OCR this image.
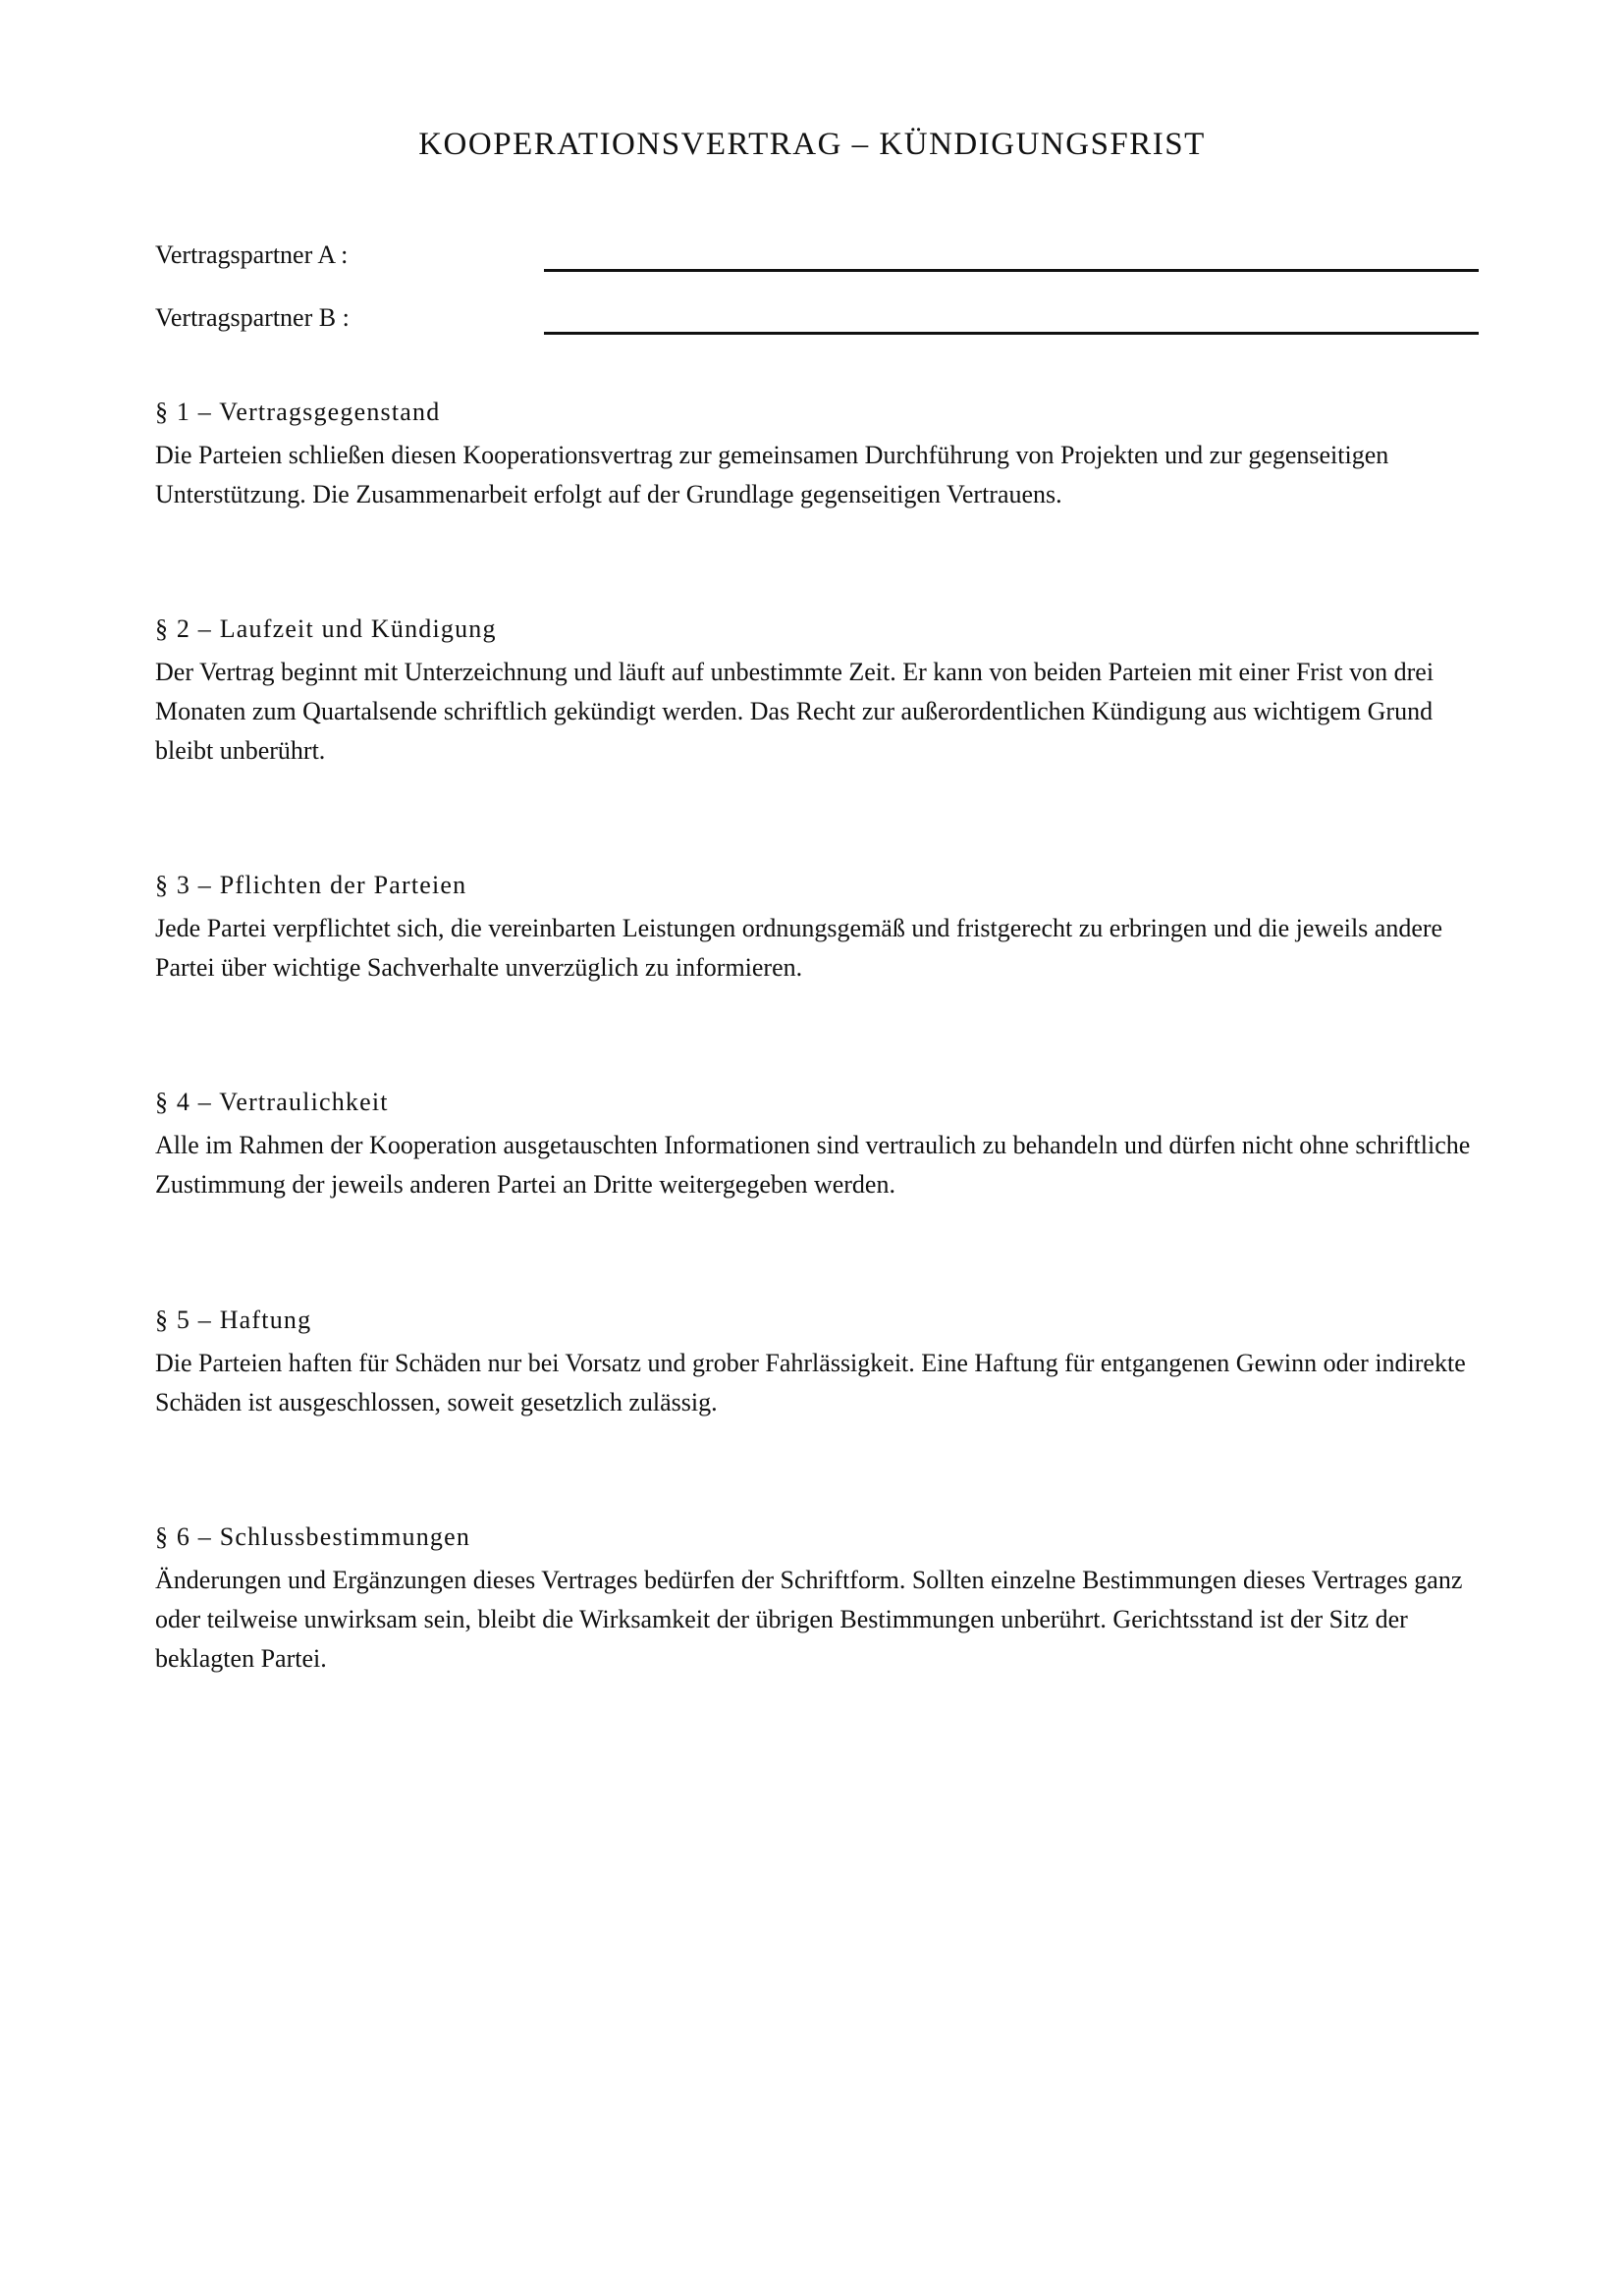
KOOPERATIONSVERTRAG – KÜNDIGUNGSFRIST
Vertragspartner A :
Vertragspartner B :
§ 1 – Vertragsgegenstand

Die Parteien schließen diesen Kooperationsvertrag zur gemeinsamen Durchführung von Projekten und zur gegenseitigen Unterstützung. Die Zusammenarbeit erfolgt auf der Grundlage gegenseitigen Vertrauens.

§ 2 – Laufzeit und Kündigung

Der Vertrag beginnt mit Unterzeichnung und läuft auf unbestimmte Zeit. Er kann von beiden Parteien mit einer Frist von drei Monaten zum Quartalsende schriftlich gekündigt werden. Das Recht zur außerordentlichen Kündigung aus wichtigem Grund bleibt unberührt.

§ 3 – Pflichten der Parteien

Jede Partei verpflichtet sich, die vereinbarten Leistungen ordnungsgemäß und fristgerecht zu erbringen und die jeweils andere Partei über wichtige Sachverhalte unverzüglich zu informieren.

§ 4 – Vertraulichkeit

Alle im Rahmen der Kooperation ausgetauschten Informationen sind vertraulich zu behandeln und dürfen nicht ohne schriftliche Zustimmung der jeweils anderen Partei an Dritte weitergegeben werden.

§ 5 – Haftung

Die Parteien haften für Schäden nur bei Vorsatz und grober Fahrlässigkeit. Eine Haftung für entgangenen Gewinn oder indirekte Schäden ist ausgeschlossen, soweit gesetzlich zulässig.

§ 6 – Schlussbestimmungen

Änderungen und Ergänzungen dieses Vertrages bedürfen der Schriftform. Sollten einzelne Bestimmungen dieses Vertrages ganz oder teilweise unwirksam sein, bleibt die Wirksamkeit der übrigen Bestimmungen unberührt. Gerichtsstand ist der Sitz der beklagten Partei.
